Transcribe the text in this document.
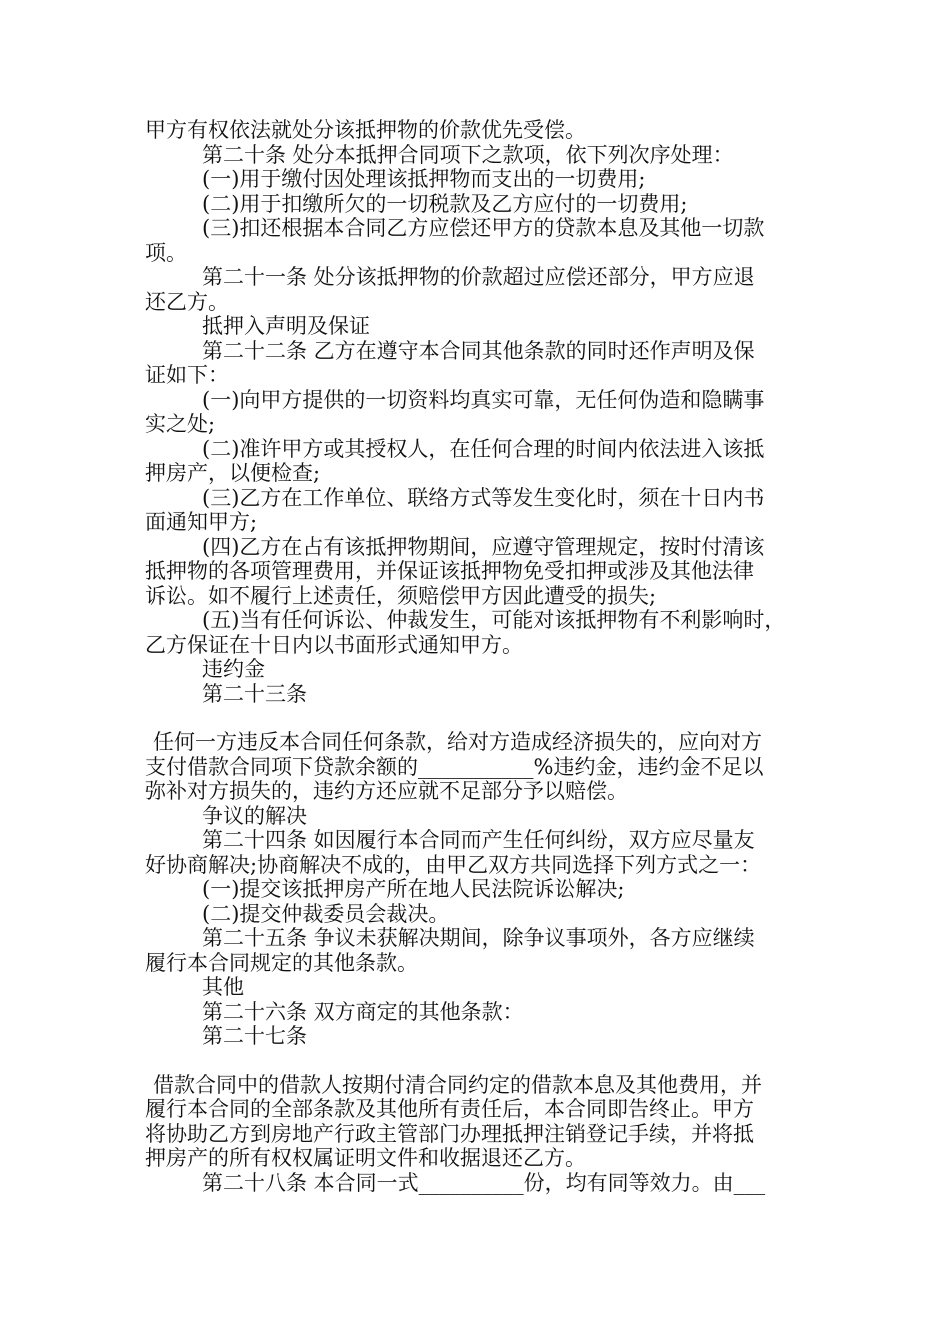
甲方有权依法就处分该抵押物的价款优先受偿。
第二十条 处分本抵押合同项下之款项，依下列次序处理：
(一)用于缴付因处理该抵押物而支出的一切费用;
(二)用于扣缴所欠的一切税款及乙方应付的一切费用;
(三)扣还根据本合同乙方应偿还甲方的贷款本息及其他一切款
项。
第二十一条 处分该抵押物的价款超过应偿还部分，甲方应退
还乙方。
抵押入声明及保证
第二十二条 乙方在遵守本合同其他条款的同时还作声明及保
证如下：
(一)向甲方提供的一切资料均真实可靠，无任何伪造和隐瞒事
实之处;
(二)准许甲方或其授权人，在任何合理的时间内依法进入该抵
押房产，以便检查;
(三)乙方在工作单位、联络方式等发生变化时，须在十日内书
面通知甲方;
(四)乙方在占有该抵押物期间，应遵守管理规定，按时付清该
抵押物的各项管理费用，并保证该抵押物免受扣押或涉及其他法律
诉讼。如不履行上述责任，须赔偿甲方因此遭受的损失;
(五)当有任何诉讼、仲裁发生，可能对该抵押物有不利影响时，
乙方保证在十日内以书面形式通知甲方。
违约金
第二十三条
任何一方违反本合同任何条款，给对方造成经济损失的，应向对方
支付借款合同项下贷款余额的___________%违约金，违约金不足以
弥补对方损失的，违约方还应就不足部分予以赔偿。
争议的解决
第二十四条 如因履行本合同而产生任何纠纷，双方应尽量友
好协商解决;协商解决不成的，由甲乙双方共同选择下列方式之一：
(一)提交该抵押房产所在地人民法院诉讼解决;
(二)提交仲裁委员会裁决。
第二十五条 争议未获解决期间，除争议事项外，各方应继续
履行本合同规定的其他条款。
其他
第二十六条 双方商定的其他条款：
第二十七条
借款合同中的借款人按期付清合同约定的借款本息及其他费用，并
履行本合同的全部条款及其他所有责任后，本合同即告终止。甲方
将协助乙方到房地产行政主管部门办理抵押注销登记手续，并将抵
押房产的所有权权属证明文件和收据退还乙方。
第二十八条 本合同一式__________份，均有同等效力。由___
